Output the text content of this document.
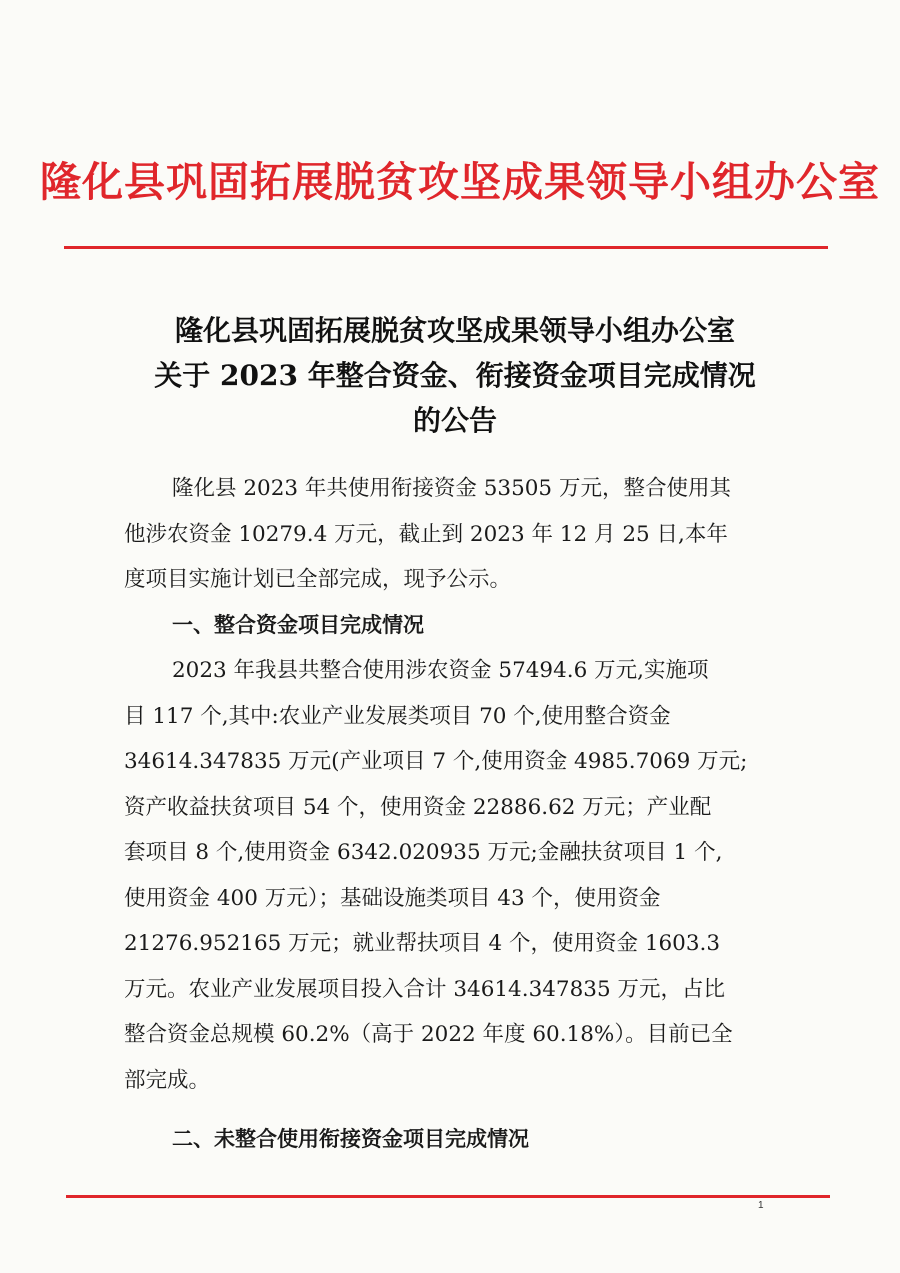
隆化县巩固拓展脱贫攻坚成果领导小组办公室
隆化县巩固拓展脱贫攻坚成果领导小组办公室
关于 2023 年整合资金、衔接资金项目完成情况
的公告
隆化县 2023 年共使用衔接资金 53505 万元，整合使用其
他涉农资金 10279.4 万元，截止到 2023 年 12 月 25 日,本年
度项目实施计划已全部完成，现予公示。
一、整合资金项目完成情况
2023 年我县共整合使用涉农资金 57494.6 万元,实施项
目 117 个,其中:农业产业发展类项目 70 个,使用整合资金
34614.347835 万元(产业项目 7 个,使用资金 4985.7069 万元;
资产收益扶贫项目 54 个，使用资金 22886.62 万元；产业配
套项目 8 个,使用资金 6342.020935 万元;金融扶贫项目 1 个,
使用资金 400 万元）；基础设施类项目 43 个，使用资金
21276.952165 万元；就业帮扶项目 4 个，使用资金 1603.3
万元。农业产业发展项目投入合计 34614.347835 万元，占比
整合资金总规模 60.2%（高于 2022 年度 60.18%）。目前已全
部完成。
二、未整合使用衔接资金项目完成情况
1
